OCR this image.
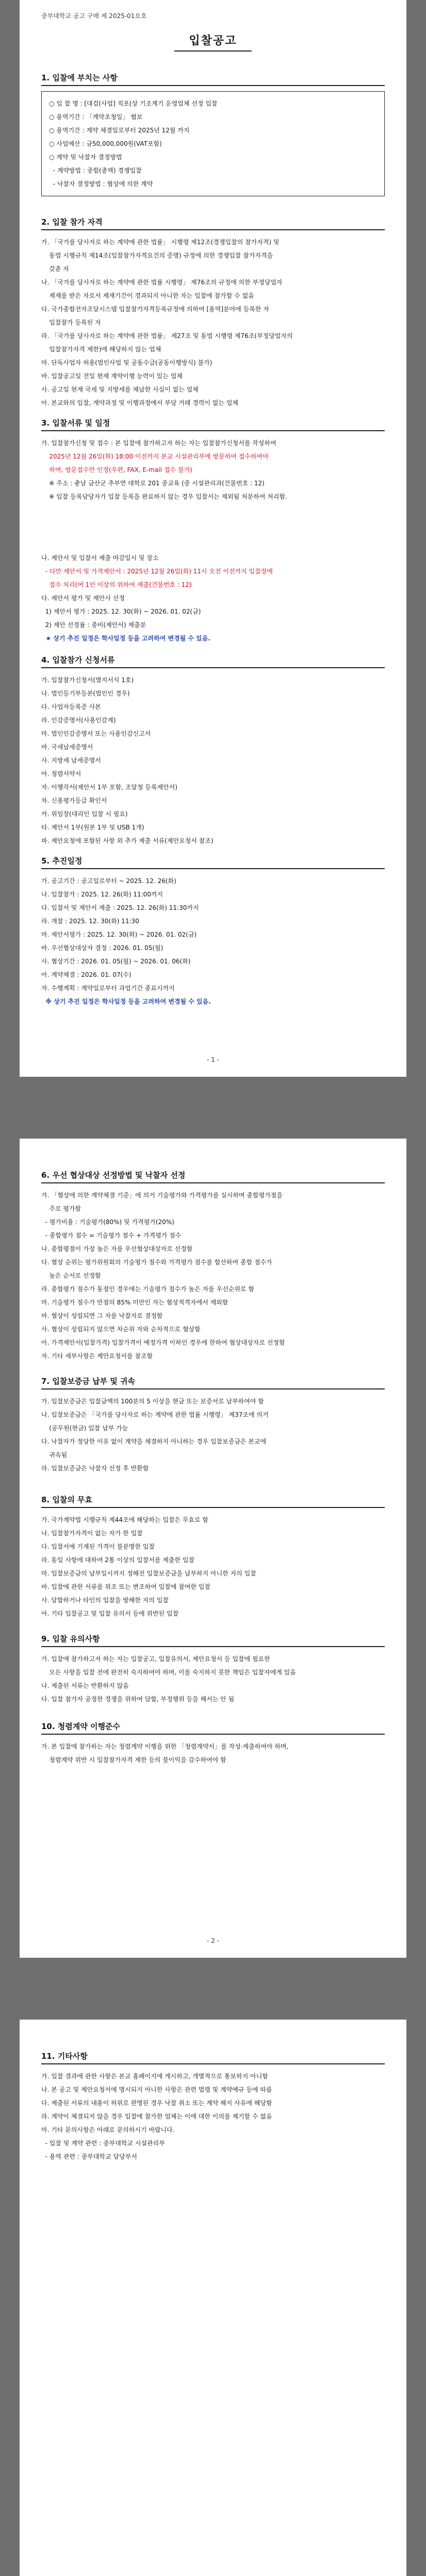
중부대학교 공고 구매 제 2025-01요호
입찰공고
1. 입찰에 부치는 사항
○ 입 찰 명 : [대검(사업] 직포(상 기조계기 운영업체 선정 입찰
○ 용역기간 : 「계약초청일」 협보
○ 용역기간 : 계약 체결일로부터 2025년 12월 까지
○ 사업예산 : 금50,000,000원(VAT포함)
○ 계약 및 낙찰자 결정방법
- 계약방법 : 중합(총액) 경쟁입찰
- 낙찰자 결정방법 : 협상에 의한 계약
2. 입찰 참가 자격
가. 「국가를 당사자로 하는 계약에 관한 법률」 시행령 제12조(경쟁입찰의 참가자격) 및
동법 시행규칙 제14조(입찰참가자격요건의 증명) 규정에 의한 경쟁입찰 참가자격을
갖춘 자
나. 「국가를 당사자로 하는 계약에 관한 법률 시행령」 제76조의 규정에 의한 부정당업자
제재를 받은 자로서 제재기간이 경과되지 아니한 자는 입찰에 참가할 수 없음
다. 국가종합전자조달시스템 입찰참가자격등록규정에 의하여 [용역]분야에 등록한 자
입찰참가 등록된 자
라. 「국가를 당사자로 하는 계약에 관한 법률」 제27조 및 동법 시행령 제76조(부정당업자의
입찰참가자격 제한)에 해당하지 않는 업체
마. 단독사업자 허용(법인사업 및 공동수급(공동이행방식) 불가)
바. 입찰공고일 전일 현재 계약이행 능력이 있는 업체
사. 공고일 현재 국세 및 지방세를 체납한 사실이 없는 업체
아. 본교와의 입찰, 계약과정 및 이행과정에서 부당 거래 경력이 없는 업체
3. 입찰서류 및 일정
가. 입찰참가신청 및 접수 : 본 입찰에 참가하고자 하는 자는 입찰참가신청서를 작성하여
2025년 12월 26일(화) 18:00 이전까지 본교 시설관리부에 방문하여 접수하여야
하며, 방문접수만 인정(우편, FAX, E-mail 접수 불가)
※ 주소 : 충남 금산군 추부면 대학로 201 중교육 (중 시설관리과(건물번호 : 12)
※ 입찰 등록담당자가 입찰 등록을 완료하지 않는 경우 입찰서는 제외됨 처분하여 처리함.
나. 제안서 및 입찰서 제출 마감일시 및 장소
- 다만 제안서 및 가격제안서 : 2025년 12월 26일(화) 11시 오전 이전까지 입찰장에
접수 처리(여 1인 이상의 위하여 제출(건물번호 : 12)
다. 제안서 평가 및 제안사 선정
1) 제안서 평가 : 2025. 12. 30(화) ~ 2026. 01. 02(금)
2) 제안 선정률 : 종비(제안서) 제출분
★ 상기 추진 일정은 학사일정 등을 고려하여 변경될 수 있음.
4. 입찰참가 신청서류
가. 입찰참가신청서(별지서식 1호)
나. 법인등기부등본(법인인 경우)
다. 사업자등록증 사본
라. 인감증명서(사용인감계)
마. 법인인감증명서 또는 사용인감신고서
바. 국세납세증명서
사. 지방세 납세증명서
아. 청렴서약서
자. 이행각서(제안서 1부 포함, 조달청 등록제안서)
차. 신용평가등급 확인서
카. 위임장(대리인 입찰 시 필요)
타. 제안서 1부(원본 1부 및 USB 1개)
파. 제안요청에 포함된 사항 외 추가 제출 서류(제안요청서 참조)
5. 추진일정
가. 공고기간 : 공고일로부터 ~ 2025. 12. 26(화)
나. 입찰참가 : 2025. 12. 26(화) 11:00까지
다. 입찰서 및 제안서 제출 : 2025. 12. 26(화) 11:30까지
라. 개찰 : 2025. 12. 30(화) 11:30
마. 제안서평가 : 2025. 12. 30(화) ~ 2026. 01. 02(금)
바. 우선협상대상자 결정 : 2026. 01. 05(월)
사. 협상기간 : 2026. 01. 05(월) ~ 2026. 01. 06(화)
아. 계약체결 : 2026. 01. 07(수)
자. 수행계획 : 계약일로부터 과업기간 종료시까지
※ 상기 추진 일정은 학사일정 등을 고려하여 변경될 수 있음.
- 1 -
6. 우선 협상대상 선정방법 및 낙찰자 선정
가. 「협상에 의한 계약체결 기준」에 의거 기술평가와 가격평가를 실시하며 종합평가점을
주로 평가함
- 평가비율 : 기술평가(80%) 및 가격평가(20%)
- 종합평가 점수 = 기술평가 점수 + 가격평가 점수
나. 종합평점이 가장 높은 자를 우선협상대상자로 선정함
다. 협상 순위는 평가위원회의 기술평가 점수와 가격평가 점수를 합산하여 종합 점수가
높은 순서로 선정함
라. 종합평가 점수가 동점인 경우에는 기술평가 점수가 높은 자를 우선순위로 함
마. 기술평가 점수가 만점의 85% 미만인 자는 협상적격자에서 제외함
바. 협상이 성립되면 그 자를 낙찰자로 결정함
사. 협상이 성립되지 않으면 차순위 자와 순차적으로 협상함
아. 가격제안서(입찰가격) 입찰가격이 예정가격 이하인 경우에 한하여 협상대상자로 선정함
자. 기타 세부사항은 제안요청서를 참조함
7. 입찰보증금 납부 및 귀속
가. 입찰보증금은 입찰금액의 100분의 5 이상을 현금 또는 보증서로 납부하여야 함
나. 입찰보증금은 「국가를 당사자로 하는 계약에 관한 법률 시행령」 제37조에 의거
(공무원(현금) 입찰 납부 가능
다. 낙찰자가 정당한 이유 없이 계약을 체결하지 아니하는 경우 입찰보증금은 본교에
귀속됨
라. 입찰보증금은 낙찰자 선정 후 반환함
8. 입찰의 무효
가. 국가계약법 시행규칙 제44조에 해당하는 입찰은 무효로 함
나. 입찰참가자격이 없는 자가 한 입찰
다. 입찰서에 기재된 가격이 불분명한 입찰
라. 동일 사항에 대하여 2통 이상의 입찰서를 제출한 입찰
마. 입찰보증금의 납부일시까지 정해진 입찰보증금을 납부하지 아니한 자의 입찰
바. 입찰에 관한 서류를 위조 또는 변조하여 입찰에 참여한 입찰
사. 담합하거나 타인의 입찰을 방해한 자의 입찰
아. 기타 입찰공고 및 입찰 유의서 등에 위반된 입찰
9. 입찰 유의사항
가. 입찰에 참가하고자 하는 자는 입찰공고, 입찰유의서, 제안요청서 등 입찰에 필요한
모든 사항을 입찰 전에 완전히 숙지하여야 하며, 이를 숙지하지 못한 책임은 입찰자에게 있음
나. 제출된 서류는 반환하지 않음
다. 입찰 참가자 공정한 경쟁을 위하여 담합, 부정행위 등을 해서는 안 됨
10. 청렴계약 이행준수
가. 본 입찰에 참가하는 자는 청렴계약 이행을 위한 「청렴계약서」를 작성·제출하여야 하며,
청렴계약 위반 시 입찰참가자격 제한 등의 불이익을 감수하여야 함
- 2 -
11. 기타사항
가. 입찰 결과에 관한 사항은 본교 홈페이지에 게시하고, 개별적으로 통보하지 아니함
나. 본 공고 및 제안요청서에 명시되지 아니한 사항은 관련 법령 및 계약예규 등에 따름
다. 제출된 서류의 내용이 허위로 판명된 경우 낙찰 취소 또는 계약 해지 사유에 해당함
라. 계약이 체결되지 않을 경우 입찰에 참가한 업체는 이에 대한 이의를 제기할 수 없음
마. 기타 문의사항은 아래로 문의하시기 바랍니다.
- 입찰 및 계약 관련 : 중부대학교 시설관리부
- 용역 관련 : 중부대학교 담당부서
